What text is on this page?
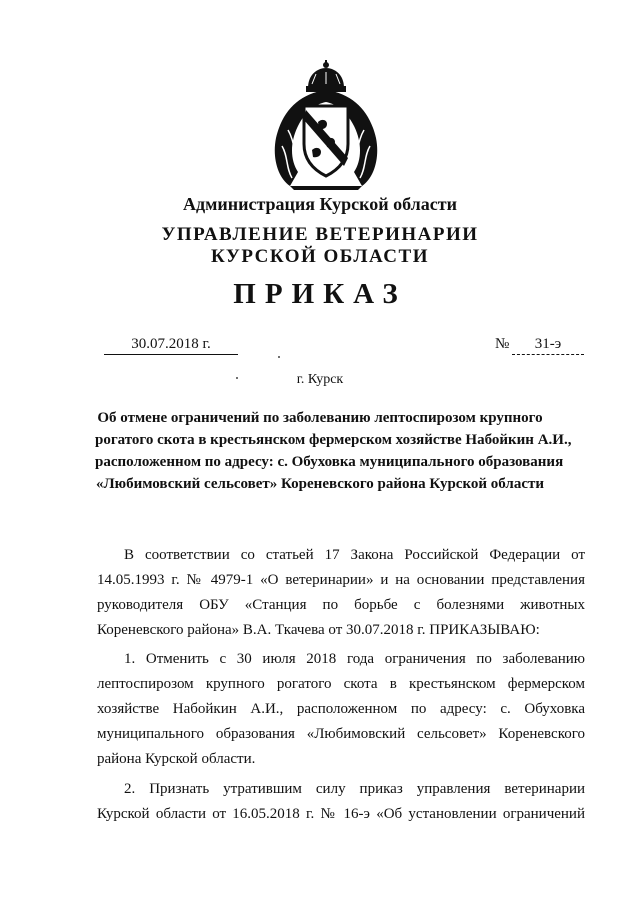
Администрация Курской области
УПРАВЛЕНИЕ ВЕТЕРИНАРИИ
КУРСКОЙ ОБЛАСТИ
ПРИКАЗ
30.07.2018 г.	№	31-э
г. Курск
Об отмене ограничений по заболеванию лептоспирозом крупного
рогатого скота в крестьянском фермерском хозяйстве Набойкин А.И.,
расположенном по адресу: с. Обуховка муниципального образования
«Любимовский сельсовет» Кореневского района Курской области
В соответствии со статьей 17 Закона Российской Федерации от
14.05.1993 г. № 4979-1 «О ветеринарии» и на основании представления
руководителя ОБУ «Станция по борьбе с болезнями животных
Кореневского района» В.А. Ткачева от 30.07.2018 г. ПРИКАЗЫВАЮ:
1. Отменить с 30 июля 2018 года ограничения по заболеванию
лептоспирозом крупного рогатого скота в крестьянском фермерском
хозяйстве Набойкин А.И., расположенном по адресу: с. Обуховка
муниципального образования «Любимовский сельсовет» Кореневского
района Курской области.
2. Признать утратившим силу приказ управления ветеринарии
Курской области от 16.05.2018 г. № 16-э «Об установлении ограничений
